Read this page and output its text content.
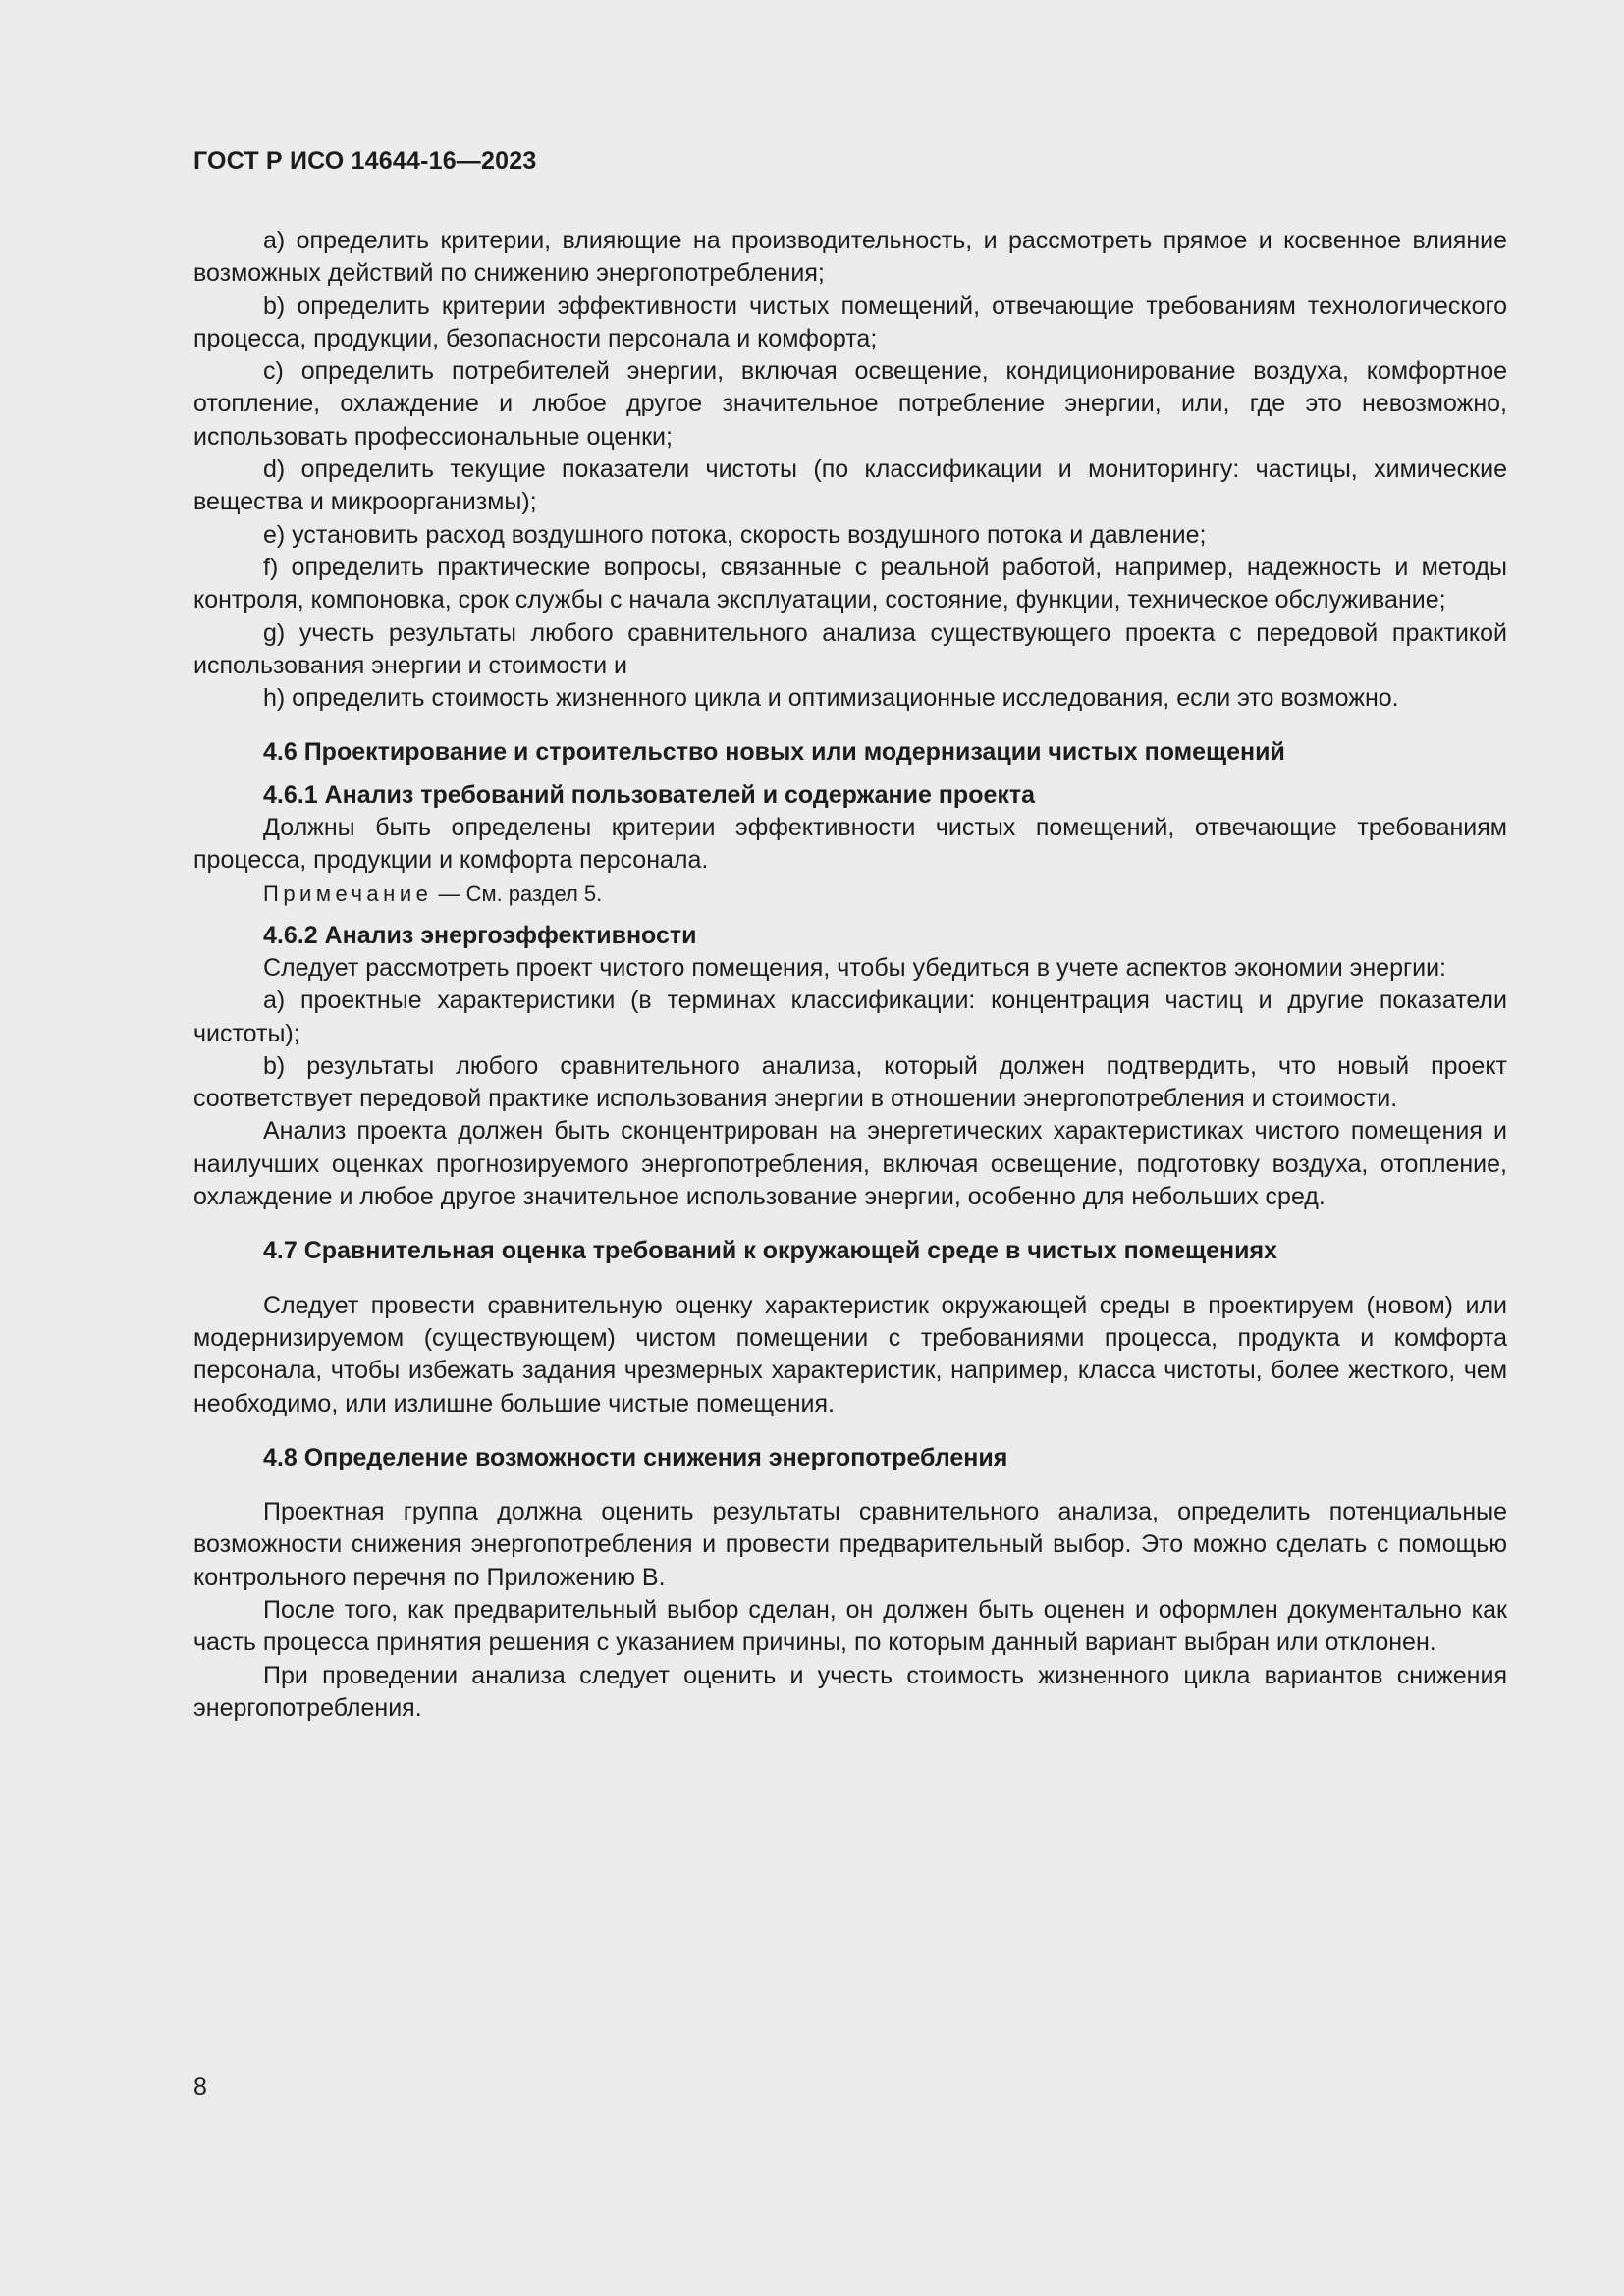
ГОСТ Р ИСО 14644-16—2023

а) определить критерии, влияющие на производительность, и рассмотреть прямое и косвенное влияние возможных действий по снижению энергопотребления;

b) определить критерии эффективности чистых помещений, отвечающие требованиям технологического процесса, продукции, безопасности персонала и комфорта;

с) определить потребителей энергии, включая освещение, кондиционирование воздуха, комфортное отопление, охлаждение и любое другое значительное потребление энергии, или, где это невозможно, использовать профессиональные оценки;

d) определить текущие показатели чистоты (по классификации и мониторингу: частицы, химические вещества и микроорганизмы);

е) установить расход воздушного потока, скорость воздушного потока и давление;

f) определить практические вопросы, связанные с реальной работой, например, надежность и методы контроля, компоновка, срок службы с начала эксплуатации, состояние, функции, техническое обслуживание;

g) учесть результаты любого сравнительного анализа существующего проекта с передовой практикой использования энергии и стоимости и

h) определить стоимость жизненного цикла и оптимизационные исследования, если это возможно.

4.6 Проектирование и строительство новых или модернизации чистых помещений

4.6.1 Анализ требований пользователей и содержание проекта

Должны быть определены критерии эффективности чистых помещений, отвечающие требованиям процесса, продукции и комфорта персонала.

Примечание — См. раздел 5.

4.6.2 Анализ энергоэффективности

Следует рассмотреть проект чистого помещения, чтобы убедиться в учете аспектов экономии энергии:

а) проектные характеристики (в терминах классификации: концентрация частиц и другие показатели чистоты);

b) результаты любого сравнительного анализа, который должен подтвердить, что новый проект соответствует передовой практике использования энергии в отношении энергопотребления и стоимости.

Анализ проекта должен быть сконцентрирован на энергетических характеристиках чистого помещения и наилучших оценках прогнозируемого энергопотребления, включая освещение, подготовку воздуха, отопление, охлаждение и любое другое значительное использование энергии, особенно для небольших сред.

4.7 Сравнительная оценка требований к окружающей среде в чистых помещениях

Следует провести сравнительную оценку характеристик окружающей среды в проектируем (новом) или модернизируемом (существующем) чистом помещении с требованиями процесса, продукта и комфорта персонала, чтобы избежать задания чрезмерных характеристик, например, класса чистоты, более жесткого, чем необходимо, или излишне большие чистые помещения.

4.8 Определение возможности снижения энергопотребления

Проектная группа должна оценить результаты сравнительного анализа, определить потенциальные возможности снижения энергопотребления и провести предварительный выбор. Это можно сделать с помощью контрольного перечня по Приложению В.

После того, как предварительный выбор сделан, он должен быть оценен и оформлен документально как часть процесса принятия решения с указанием причины, по которым данный вариант выбран или отклонен.

При проведении анализа следует оценить и учесть стоимость жизненного цикла вариантов снижения энергопотребления.

8
